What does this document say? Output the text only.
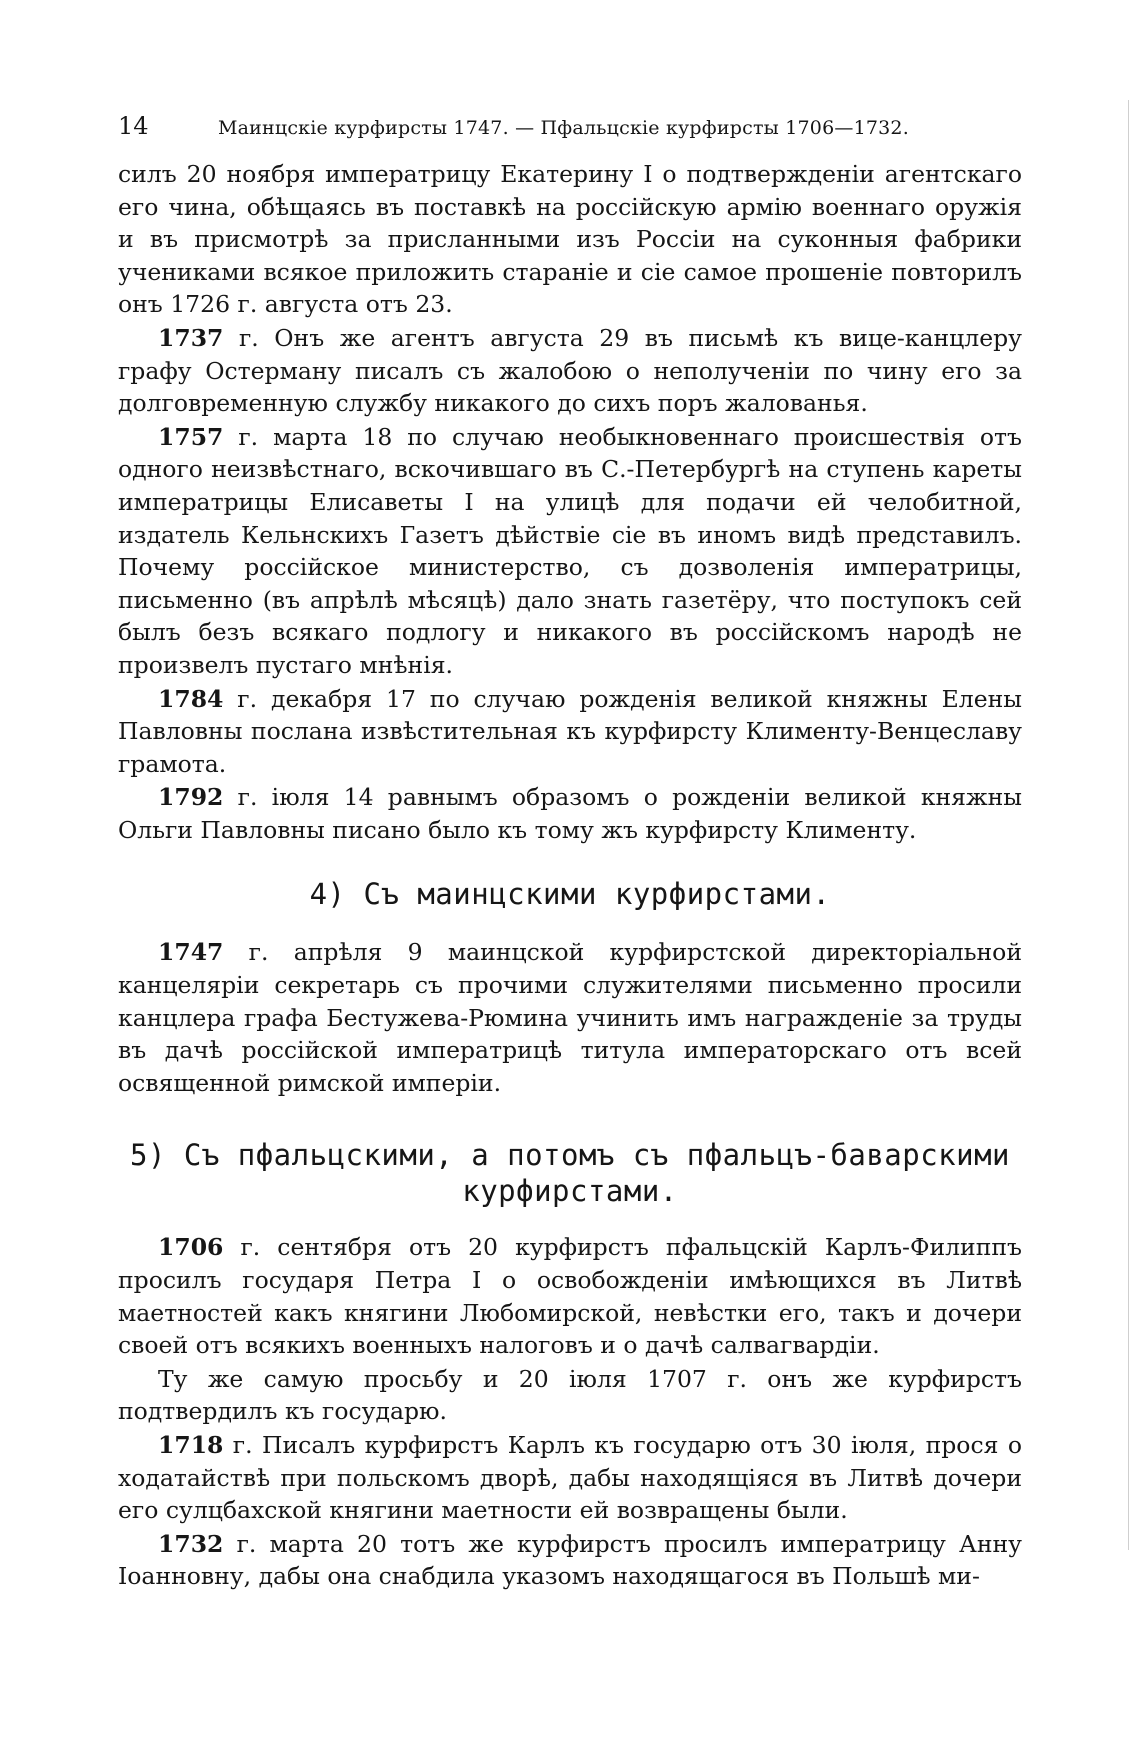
14	Маинцскіе курфирсты 1747. — Пфальцскіе курфирсты 1706—1732.

силъ 20 ноября императрицу Екатерину I о подтвержденіи агентскаго его чина, обѣщаясь въ поставкѣ на россійскую армію военнаго оружія и въ присмотрѣ за присланными изъ Россіи на суконныя фабрики учениками всякое приложить стараніе и сіе самое прошеніе повторилъ онъ 1726 г. августа отъ 23.

1737 г. Онъ же агентъ августа 29 въ письмѣ къ вице-канцлеру графу Остерману писалъ съ жалобою о неполученіи по чину его за долговременную службу никакого до сихъ поръ жалованья.

1757 г. марта 18 по случаю необыкновеннаго происшествія отъ одного неизвѣстнаго, вскочившаго въ С.-Петербургѣ на ступень кареты императрицы Елисаветы I на улицѣ для подачи ей челобитной, издатель Кельнскихъ Газетъ дѣйствіе сіе въ иномъ видѣ представилъ. Почему россійское министерство, съ дозволенія императрицы, письменно (въ апрѣлѣ мѣсяцѣ) дало знать газетёру, что поступокъ сей былъ безъ всякаго подлогу и никакого въ россійскомъ народѣ не произвелъ пустаго мнѣнія.

1784 г. декабря 17 по случаю рожденія великой княжны Елены Павловны послана извѣстительная къ курфирсту Клименту-Венцеславу грамота.

1792 г. іюля 14 равнымъ образомъ о рожденіи великой княжны Ольги Павловны писано было къ тому жъ курфирсту Клименту.

4) Съ маинцскими курфирстами.

1747 г. апрѣля 9 маинцской курфирстской директоріальной канцеляріи секретарь съ прочими служителями письменно просили канцлера графа Бестужева-Рюмина учинить имъ награжденіе за труды въ дачѣ россійской императрицѣ титула императорскаго отъ всей освященной римской имперіи.

5) Съ пфальцскими, а потомъ съ пфальцъ-баварскими курфирстами.

1706 г. сентября отъ 20 курфирстъ пфальцскій Карлъ-Филиппъ просилъ государя Петра I о освобожденіи имѣющихся въ Литвѣ маетностей какъ княгини Любомирской, невѣстки его, такъ и дочери своей отъ всякихъ военныхъ налоговъ и о дачѣ салвагвардіи.

Ту же самую просьбу и 20 іюля 1707 г. онъ же курфирстъ подтвердилъ къ государю.

1718 г. Писалъ курфирстъ Карлъ къ государю отъ 30 іюля, прося о ходатайствѣ при польскомъ дворѣ, дабы находящіяся въ Литвѣ дочери его сулцбахской княгини маетности ей возвращены были.

1732 г. марта 20 тотъ же курфирстъ просилъ императрицу Анну Іоанновну, дабы она снабдила указомъ находящагося въ Польшѣ ми-
